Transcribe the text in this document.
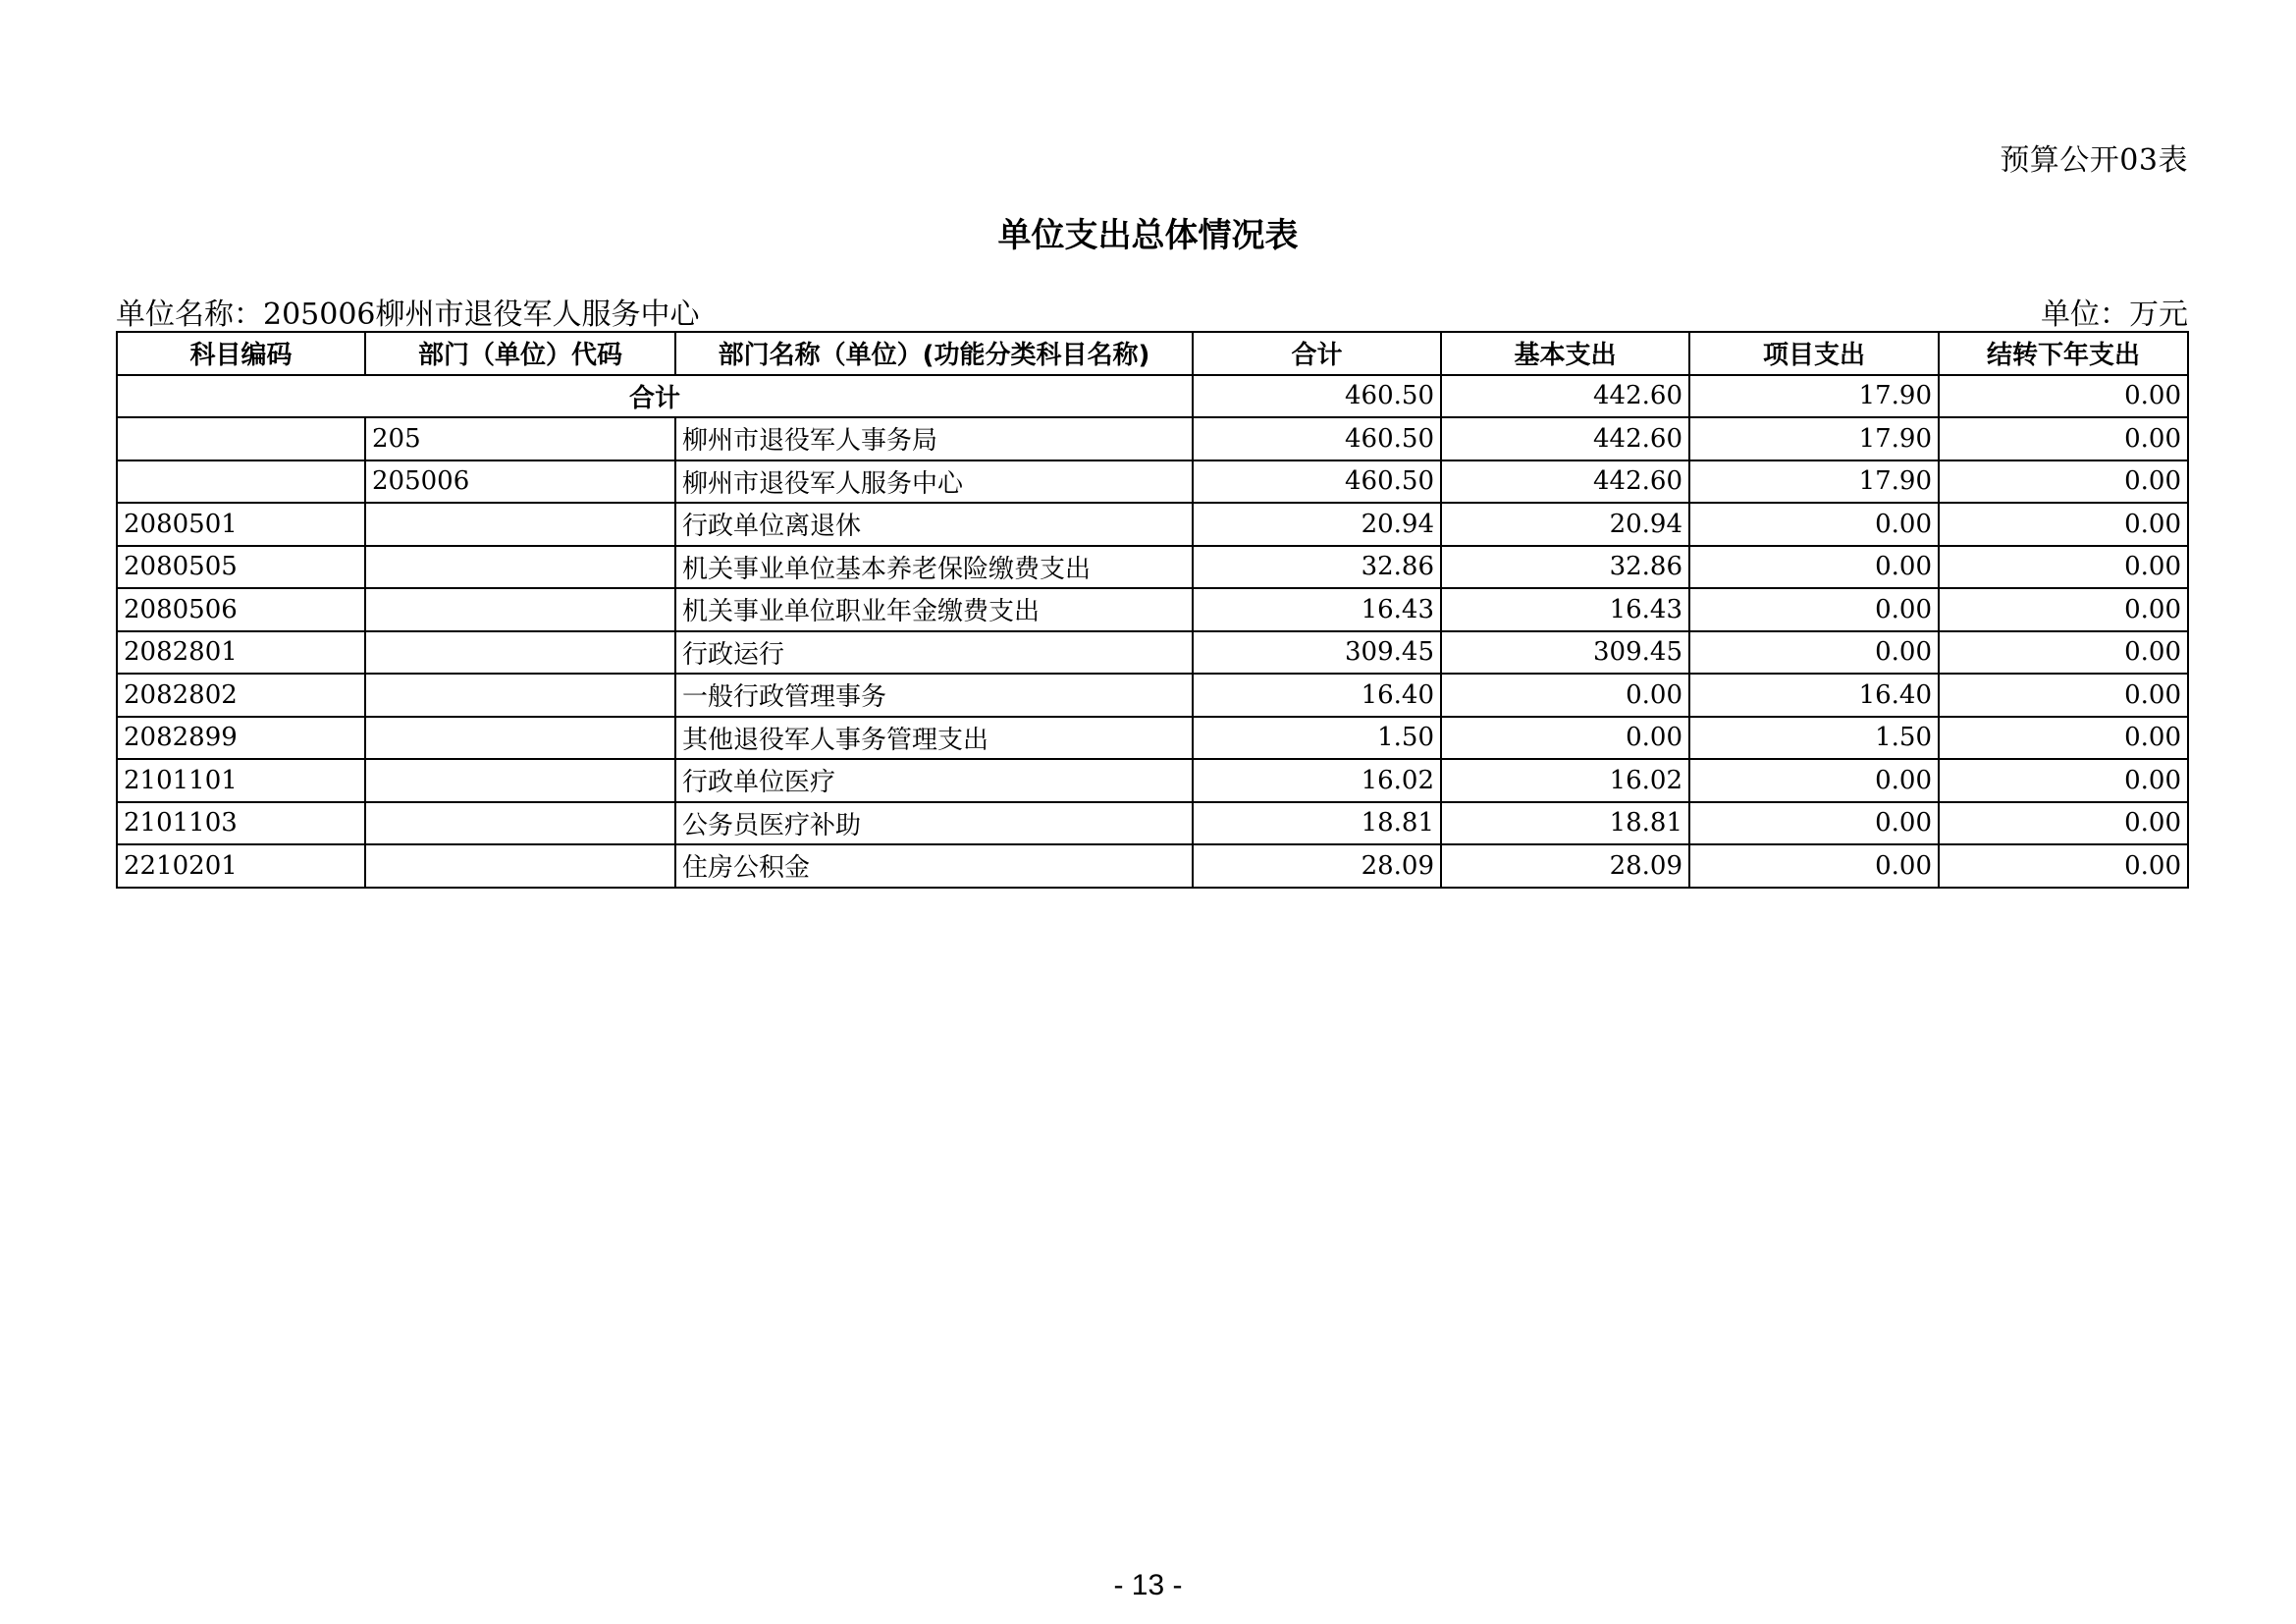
预算公开03表
单位支出总体情况表
单位名称：205006柳州市退役军人服务中心	单位：万元
科目编码	部门（单位）代码	部门名称（单位）(功能分类科目名称)	合计	基本支出	项目支出	结转下年支出
合计			460.50	442.60	17.90	0.00
	205	柳州市退役军人事务局	460.50	442.60	17.90	0.00
	205006	柳州市退役军人服务中心	460.50	442.60	17.90	0.00
2080501		行政单位离退休	20.94	20.94	0.00	0.00
2080505		机关事业单位基本养老保险缴费支出	32.86	32.86	0.00	0.00
2080506		机关事业单位职业年金缴费支出	16.43	16.43	0.00	0.00
2082801		行政运行	309.45	309.45	0.00	0.00
2082802		一般行政管理事务	16.40	0.00	16.40	0.00
2082899		其他退役军人事务管理支出	1.50	0.00	1.50	0.00
2101101		行政单位医疗	16.02	16.02	0.00	0.00
2101103		公务员医疗补助	18.81	18.81	0.00	0.00
2210201		住房公积金	28.09	28.09	0.00	0.00
- 13 -
